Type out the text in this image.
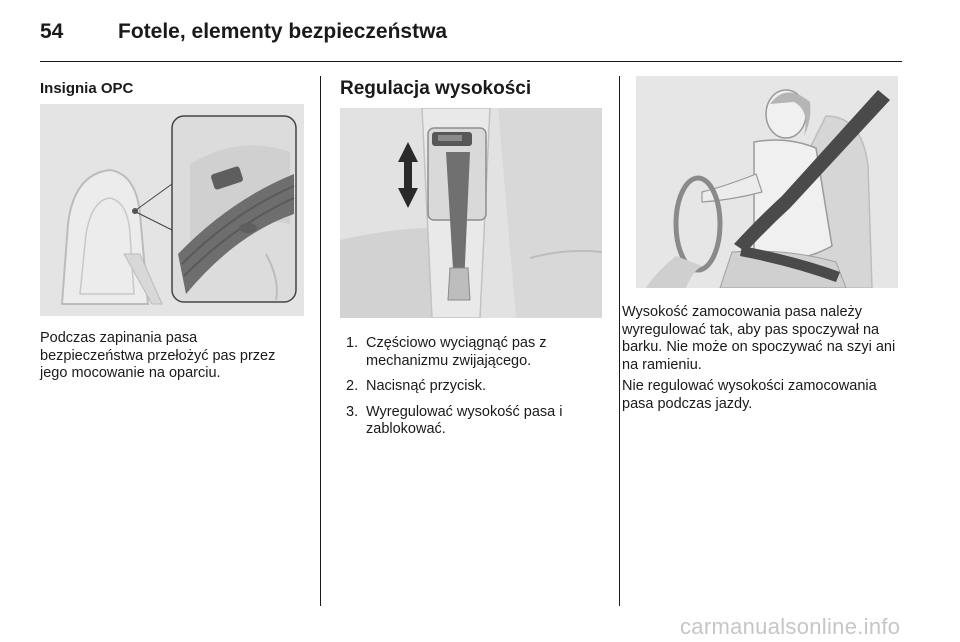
54	Fotele, elementy bezpieczeństwa
Insignia OPC

Podczas zapinania pasa bezpieczeństwa przełożyć pas przez jego mocowanie na oparciu.

Regulacja wysokości
1. Częściowo wyciągnąć pas z mechanizmu zwijającego.
2. Nacisnąć przycisk.
3. Wyregulować wysokość pasa i zablokować.

Wysokość zamocowania pasa należy wyregulować tak, aby pas spoczywał na barku. Nie może on spoczywać na szyi ani na ramieniu.

Nie regulować wysokości zamocowania pasa podczas jazdy.

carmanualsonline.info
